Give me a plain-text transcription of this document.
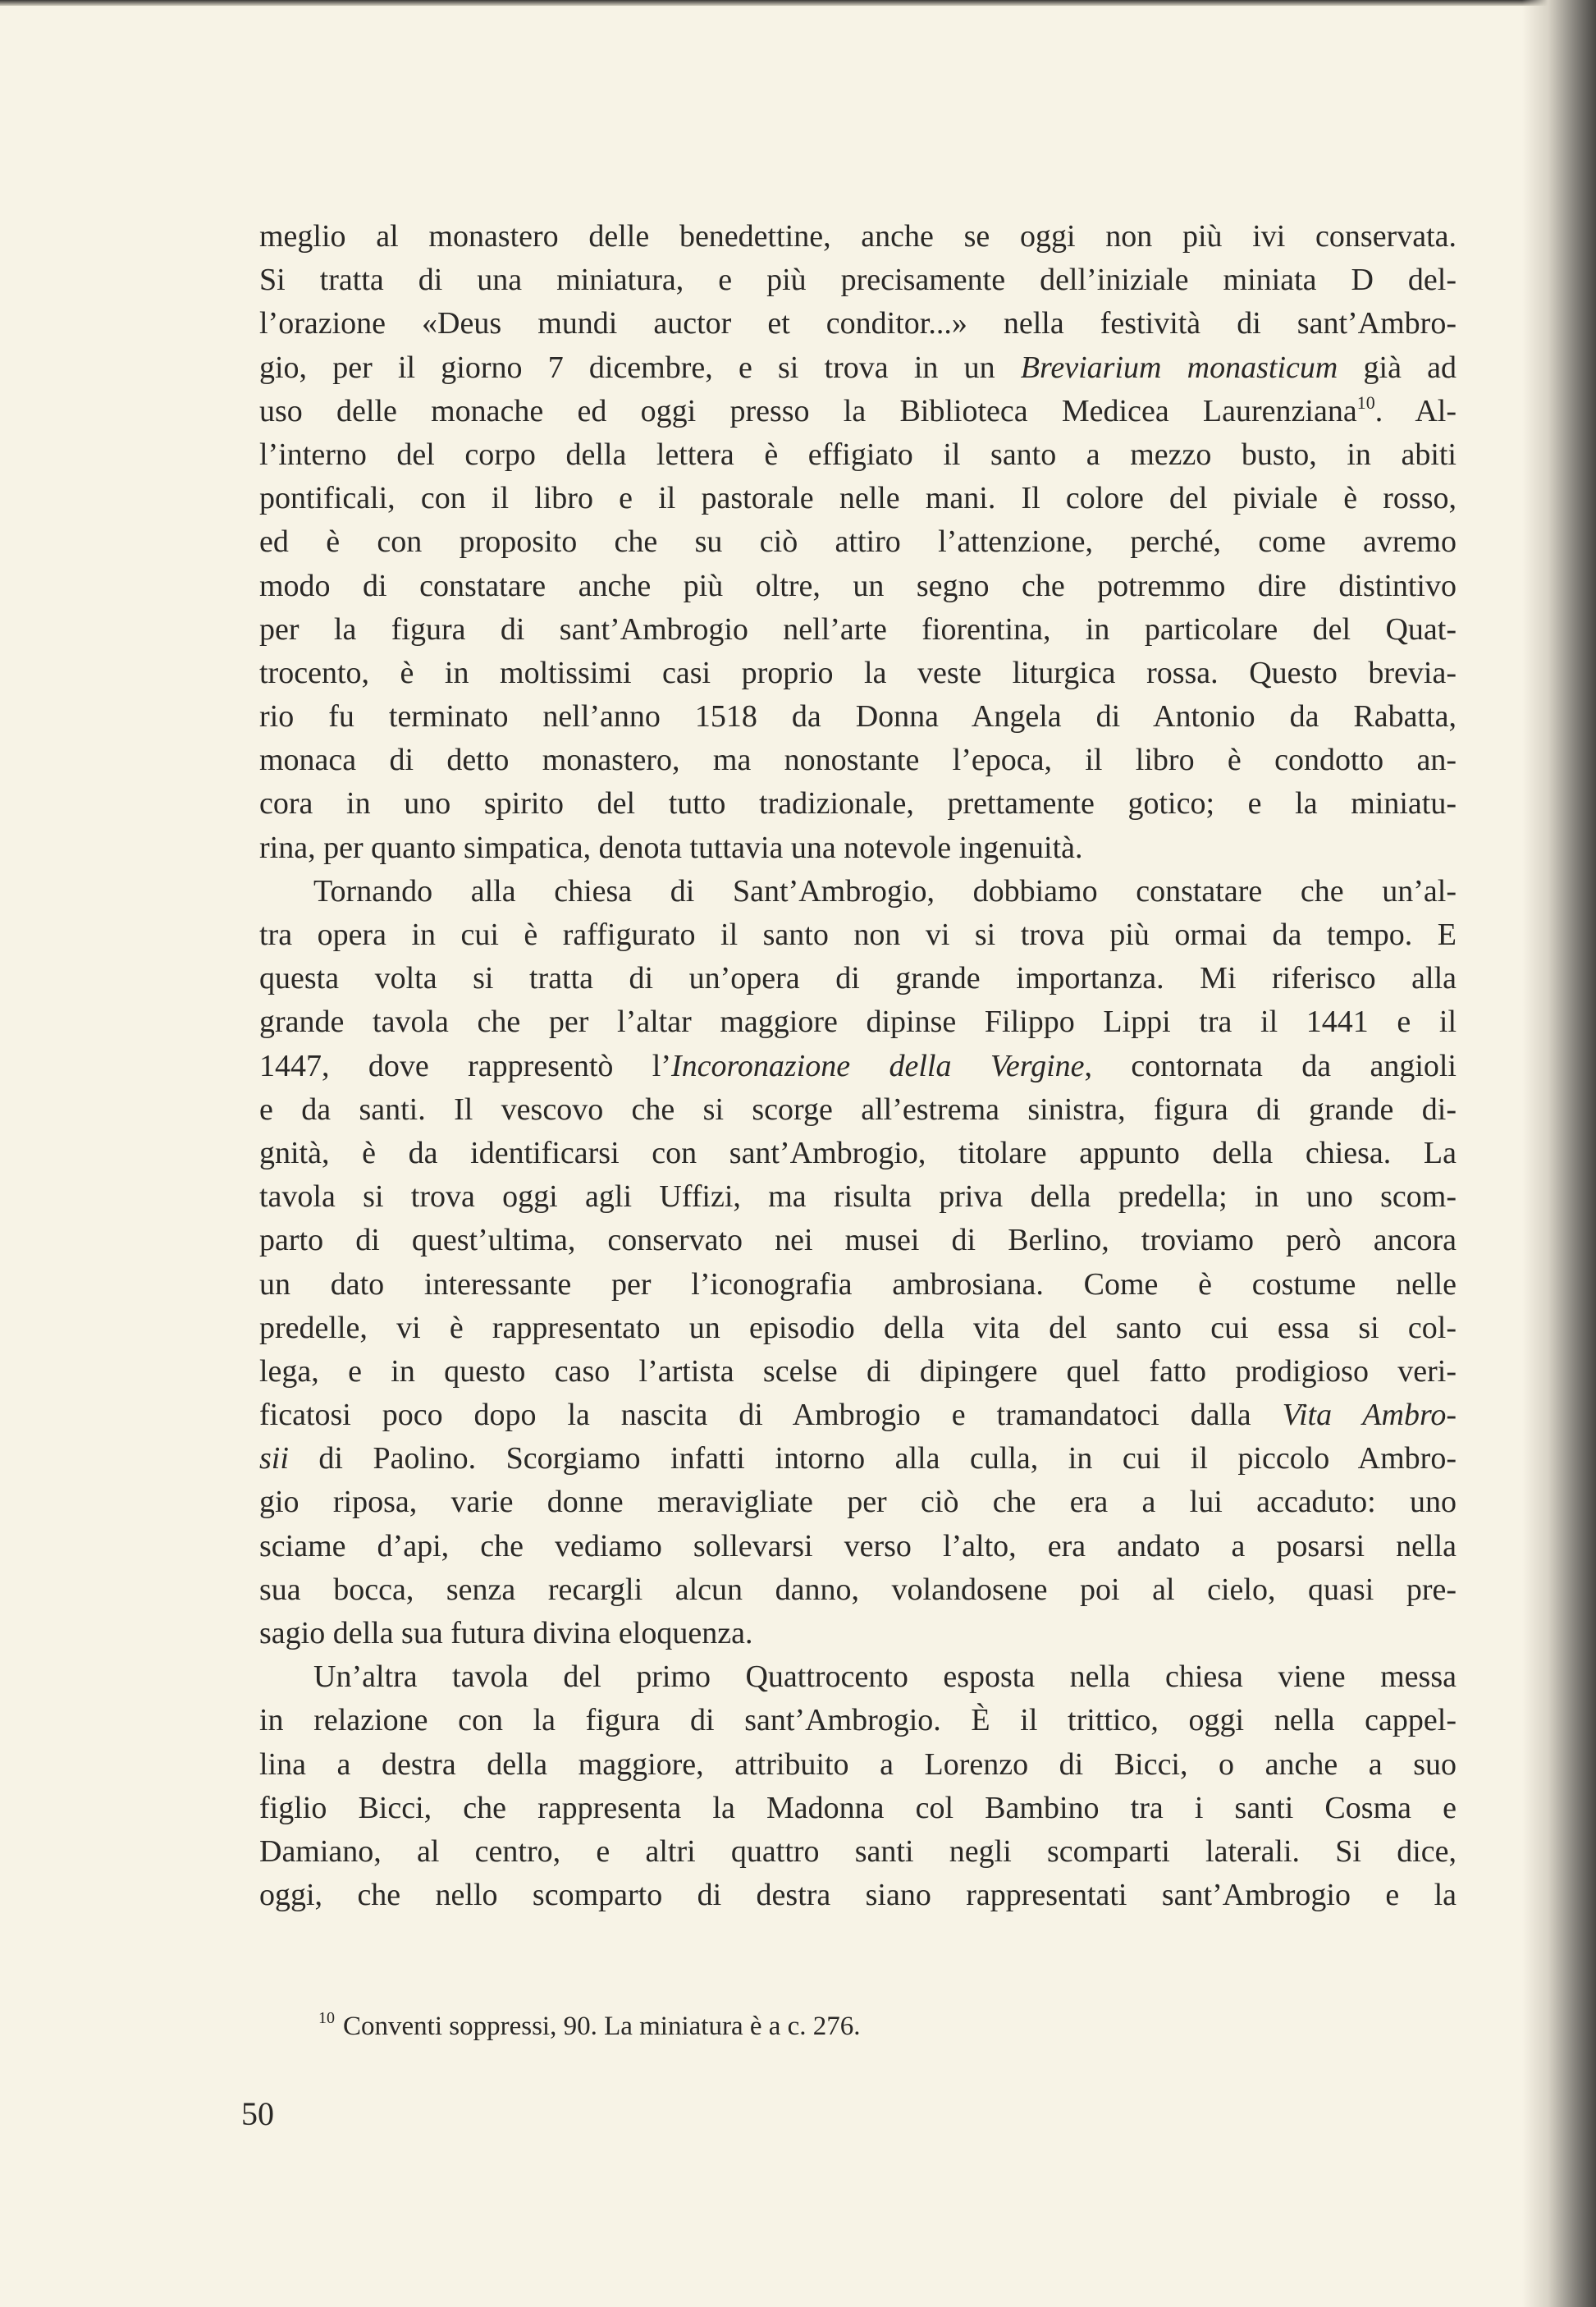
meglio al monastero delle benedettine, anche se oggi non più ivi conservata.
Si tratta di una miniatura, e più precisamente dell’iniziale miniata D del-
l’orazione «Deus mundi auctor et conditor...» nella festività di sant’Ambro-
gio, per il giorno 7 dicembre, e si trova in un Breviarium monasticum già ad
uso delle monache ed oggi presso la Biblioteca Medicea Laurenziana$^{10}$. Al-
l’interno del corpo della lettera è effigiato il santo a mezzo busto, in abiti
pontificali, con il libro e il pastorale nelle mani. Il colore del piviale è rosso,
ed è con proposito che su ciò attiro l’attenzione, perché, come avremo
modo di constatare anche più oltre, un segno che potremmo dire distintivo
per la figura di sant’Ambrogio nell’arte fiorentina, in particolare del Quat-
trocento, è in moltissimi casi proprio la veste liturgica rossa. Questo brevia-
rio fu terminato nell’anno 1518 da Donna Angela di Antonio da Rabatta,
monaca di detto monastero, ma nonostante l’epoca, il libro è condotto an-
cora in uno spirito del tutto tradizionale, prettamente gotico; e la miniatu-
rina, per quanto simpatica, denota tuttavia una notevole ingenuità.
Tornando alla chiesa di Sant’Ambrogio, dobbiamo constatare che un’al-
tra opera in cui è raffigurato il santo non vi si trova più ormai da tempo. E
questa volta si tratta di un’opera di grande importanza. Mi riferisco alla
grande tavola che per l’altar maggiore dipinse Filippo Lippi tra il 1441 e il
1447, dove rappresentò l’Incoronazione della Vergine, contornata da angioli
e da santi. Il vescovo che si scorge all’estrema sinistra, figura di grande di-
gnità, è da identificarsi con sant’Ambrogio, titolare appunto della chiesa. La
tavola si trova oggi agli Uffizi, ma risulta priva della predella; in uno scom-
parto di quest’ultima, conservato nei musei di Berlino, troviamo però ancora
un dato interessante per l’iconografia ambrosiana. Come è costume nelle
predelle, vi è rappresentato un episodio della vita del santo cui essa si col-
lega, e in questo caso l’artista scelse di dipingere quel fatto prodigioso veri-
ficatosi poco dopo la nascita di Ambrogio e tramandatoci dalla Vita Ambro-
sii di Paolino. Scorgiamo infatti intorno alla culla, in cui il piccolo Ambro-
gio riposa, varie donne meravigliate per ciò che era a lui accaduto: uno
sciame d’api, che vediamo sollevarsi verso l’alto, era andato a posarsi nella
sua bocca, senza recargli alcun danno, volandosene poi al cielo, quasi pre-
sagio della sua futura divina eloquenza.
Un’altra tavola del primo Quattrocento esposta nella chiesa viene messa
in relazione con la figura di sant’Ambrogio. È il trittico, oggi nella cappel-
lina a destra della maggiore, attribuito a Lorenzo di Bicci, o anche a suo
figlio Bicci, che rappresenta la Madonna col Bambino tra i santi Cosma e
Damiano, al centro, e altri quattro santi negli scomparti laterali. Si dice,
oggi, che nello scomparto di destra siano rappresentati sant’Ambrogio e la
$^{10}$ Conventi soppressi, 90. La miniatura è a c. 276.
50
